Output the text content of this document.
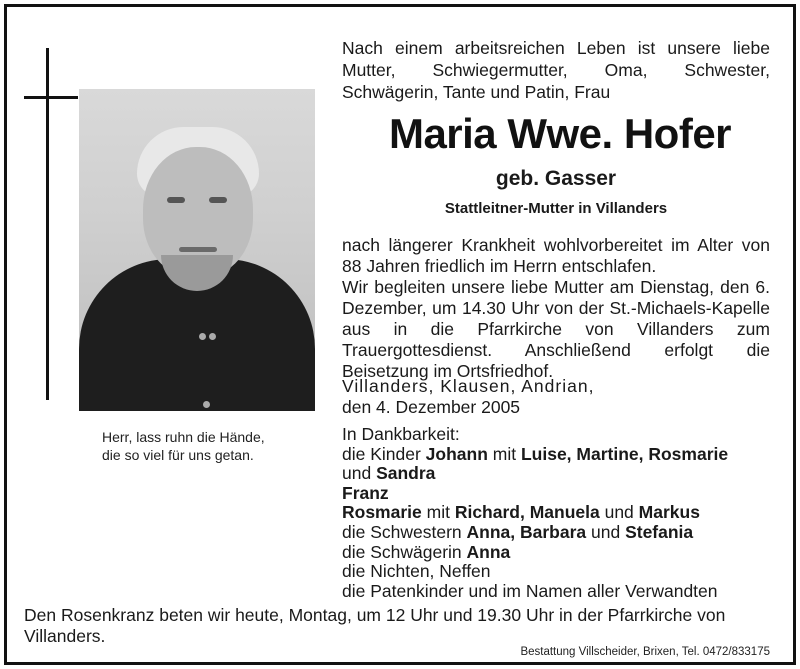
Herr, lass ruhn die Hände,
die so viel für uns getan.
Nach einem arbeitsreichen Leben ist unsere liebe Mutter, Schwiegermutter, Oma, Schwester, Schwägerin, Tante und Patin, Frau
Maria Wwe. Hofer
geb. Gasser
Stattleitner-Mutter in Villanders
nach längerer Krankheit wohlvorbereitet im Alter von 88 Jahren friedlich im Herrn entschlafen.
Wir begleiten unsere liebe Mutter am Dienstag, den 6. Dezember, um 14.30 Uhr von der St.-Michaels-Kapelle aus in die Pfarrkirche von Villanders zum Trauergottesdienst. Anschließend erfolgt die Beisetzung im Ortsfriedhof.
Villanders, Klausen, Andrian,
den 4. Dezember 2005
In Dankbarkeit:
die Kinder Johann mit Luise, Martine, Rosmarie
und Sandra
Franz
Rosmarie mit Richard, Manuela und Markus
die Schwestern Anna, Barbara und Stefania
die Schwägerin Anna
die Nichten, Neffen
die Patenkinder und im Namen aller Verwandten
Den Rosenkranz beten wir heute, Montag, um 12 Uhr und 19.30 Uhr in der Pfarrkirche von Villanders.
Bestattung Villscheider, Brixen, Tel. 0472/833175
